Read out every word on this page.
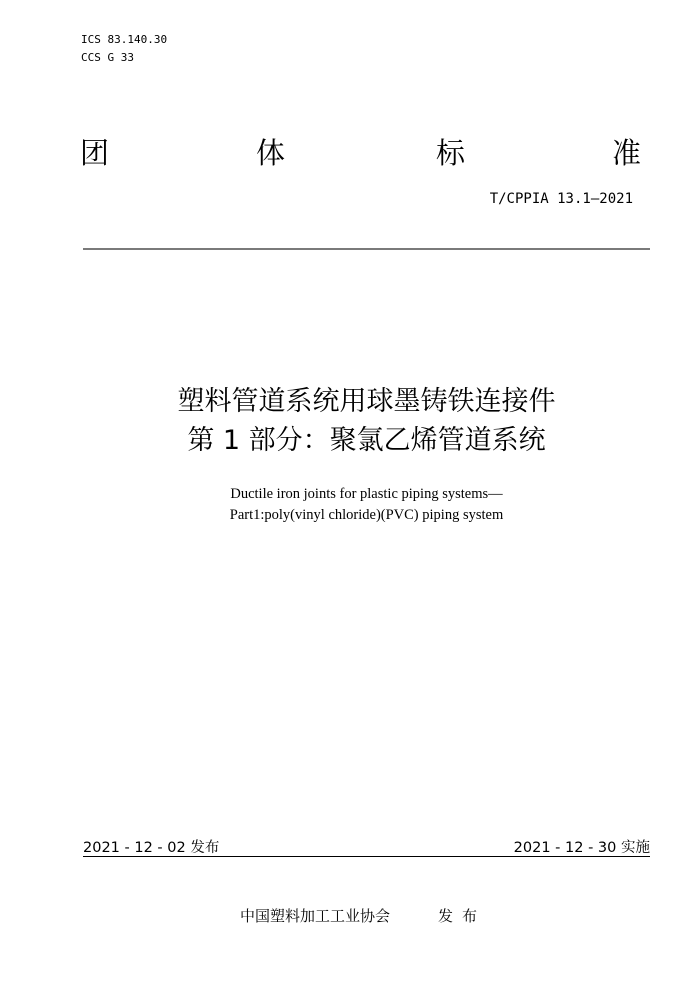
ICS 83.140.30
CCS G 33
团	体	标	准
T/CPPIA 13.1—2021
塑料管道系统用球墨铸铁连接件
第 1 部分：聚氯乙烯管道系统
Ductile iron joints for plastic piping systems—
Part1:poly(vinyl chloride)(PVC) piping system
2021 - 12 - 02 发布	2021 - 12 - 30 实施
中国塑料加工工业协会	发布
